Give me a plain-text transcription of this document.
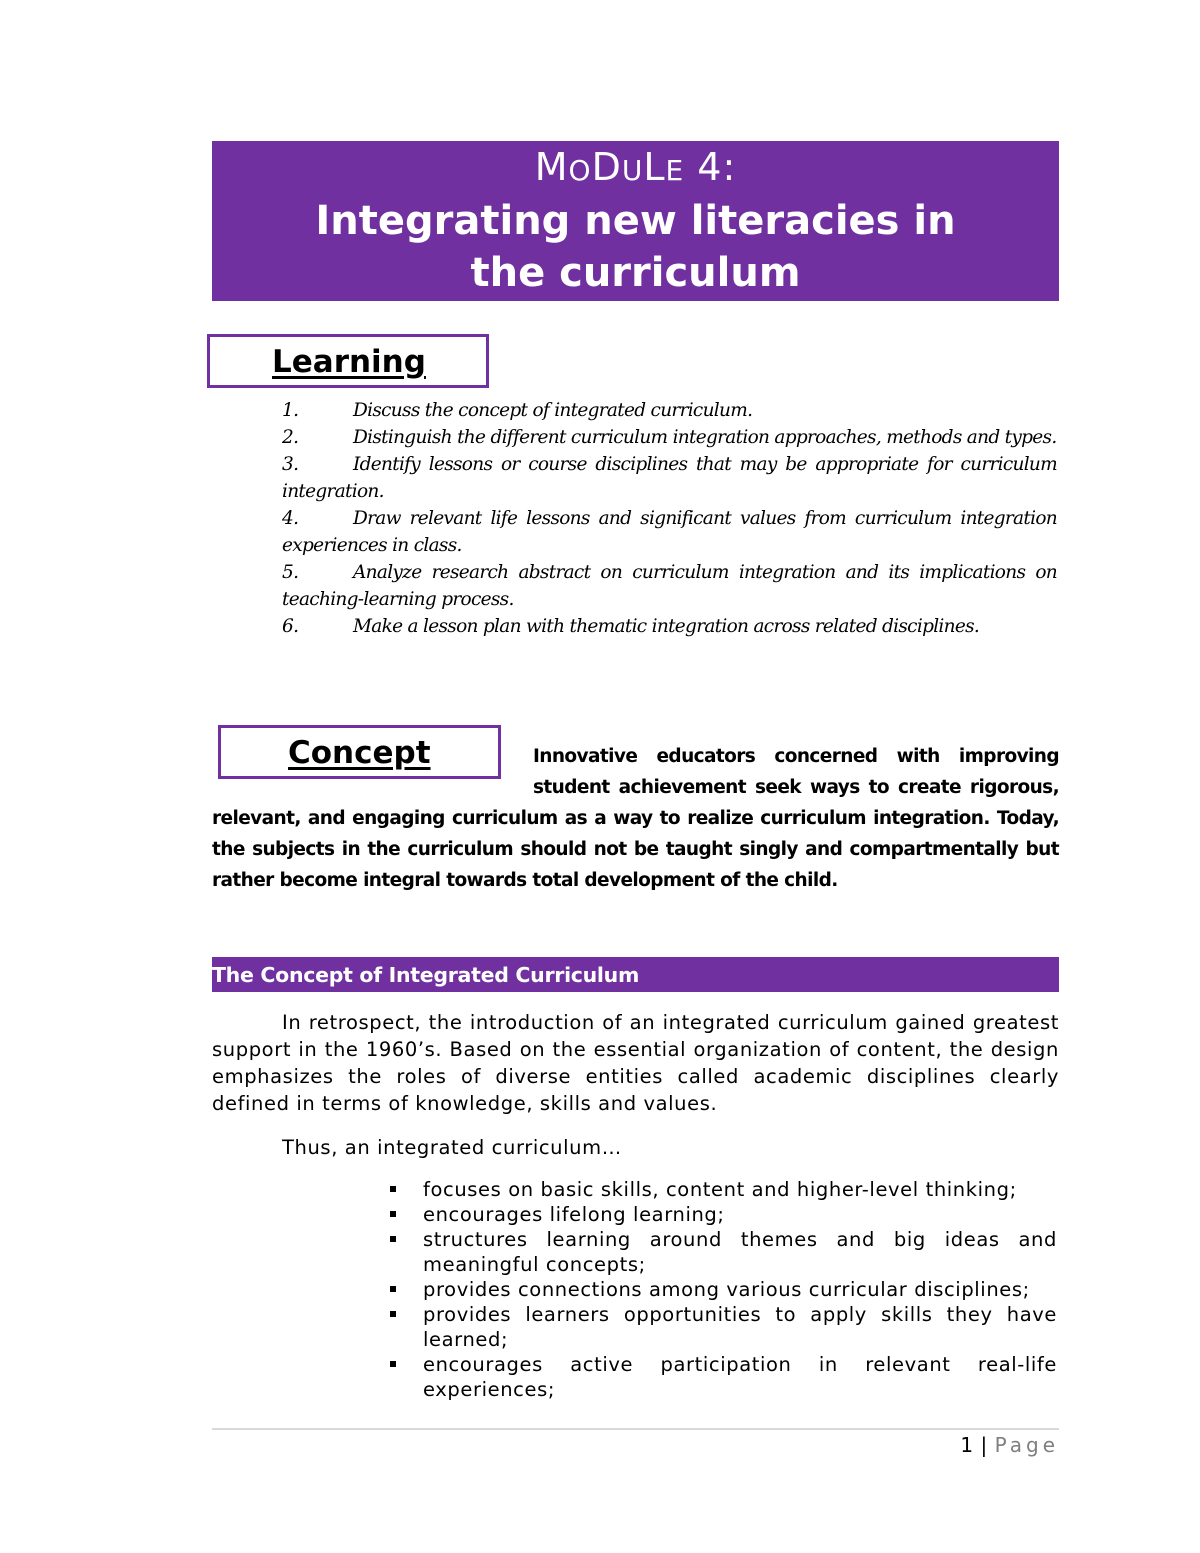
MODULE 4:
Integrating new literacies in
the curriculum
Learning
1.	Discuss the concept of integrated curriculum.
2.	Distinguish the different curriculum integration approaches, methods and types.
3.	Identify lessons or course disciplines that may be appropriate for curriculum integration.
4.	Draw relevant life lessons and significant values from curriculum integration experiences in class.
5.	Analyze research abstract on curriculum integration and its implications on teaching-learning process.
6.	Make a lesson plan with thematic integration across related disciplines.

Innovative educators concerned with improving student achievement seek ways to create rigorous, relevant, and engaging curriculum as a way to realize curriculum integration. Today, the subjects in the curriculum should not be taught singly and compartmentally but rather become integral towards total development of the child.

Concept
The Concept of Integrated Curriculum

In retrospect, the introduction of an integrated curriculum gained greatest support in the 1960’s. Based on the essential organization of content, the design emphasizes the roles of diverse entities called academic disciplines clearly defined in terms of knowledge, skills and values.

Thus, an integrated curriculum…

focuses on basic skills, content and higher-level thinking;
encourages lifelong learning;
structures learning around themes and big ideas and meaningful concepts;
provides connections among various curricular disciplines;
provides learners opportunities to apply skills they have learned;
encourages active participation in relevant real-life experiences;
1 | Page
